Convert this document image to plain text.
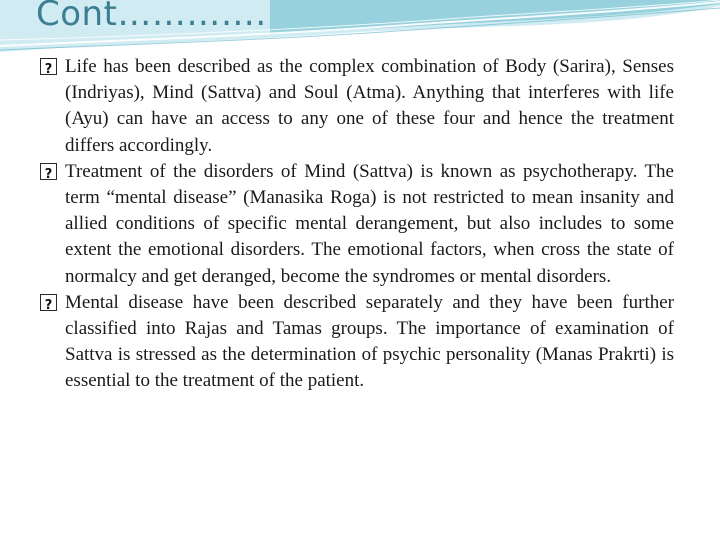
Cont………….

?
Life has been described as the complex combination of Body (Sarira), Senses (Indriyas), Mind (Sattva) and Soul (Atma). Anything that interferes with life (Ayu) can have an access to any one of these four and hence the treatment differs accordingly.

?
Treatment of the disorders of Mind (Sattva) is known as psychotherapy. The term “mental disease” (Manasika Roga) is not restricted to mean insanity and allied conditions of specific mental derangement, but also includes to some extent the emotional disorders. The emotional factors, when cross the state of normalcy and get deranged, become the syndromes or mental disorders.

?
Mental disease have been described separately and they have been further classified into Rajas and Tamas groups. The importance of examination of Sattva is stressed as the determination of psychic personality (Manas Prakrti) is essential to the treatment of the patient.
